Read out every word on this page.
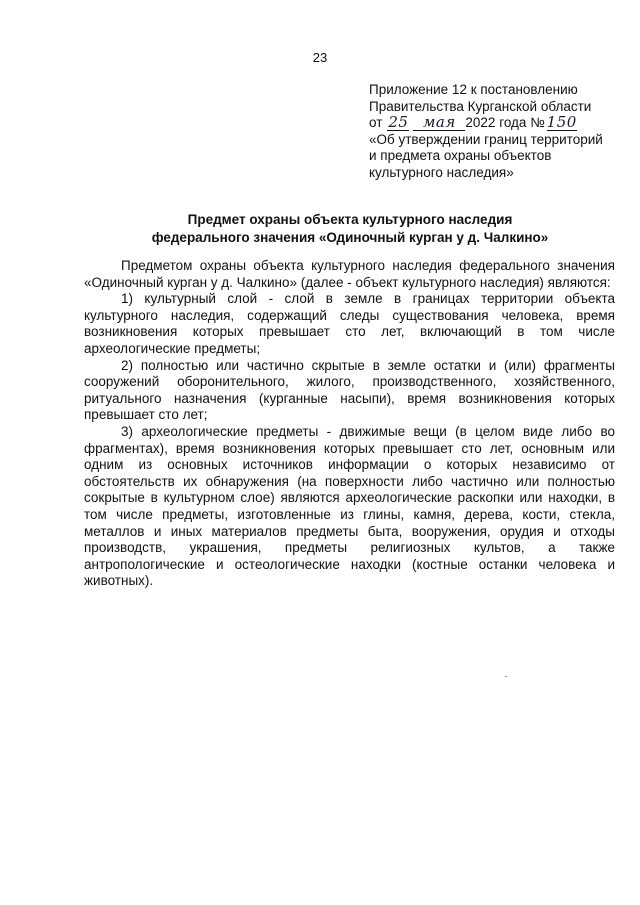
23
Приложение 12 к постановлению
Правительства Курганской области
от 25 мая 2022 года № 150
«Об утверждении границ территорий
и предмета охраны объектов
культурного наследия»
Предмет охраны объекта культурного наследия
федерального значения «Одиночный курган у д. Чалкино»

Предметом охраны объекта культурного наследия федерального значения «Одиночный курган у д. Чалкино» (далее - объект культурного наследия) являются:

1) культурный слой - слой в земле в границах территории объекта культурного наследия, содержащий следы существования человека, время возникновения которых превышает сто лет, включающий в том числе археологические предметы;

2) полностью или частично скрытые в земле остатки и (или) фрагменты сооружений оборонительного, жилого, производственного, хозяйственного, ритуального назначения (курганные насыпи), время возникновения которых превышает сто лет;

3) археологические предметы - движимые вещи (в целом виде либо во фрагментах), время возникновения которых превышает сто лет, основным или одним из основных источников информации о которых независимо от обстоятельств их обнаружения (на поверхности либо частично или полностью сокрытые в культурном слое) являются археологические раскопки или находки, в том числе предметы, изготовленные из глины, камня, дерева, кости, стекла, металлов и иных материалов предметы быта, вооружения, орудия и отходы производств, украшения, предметы религиозных культов, а также антропологические и остеологические находки (костные останки человека и животных).
